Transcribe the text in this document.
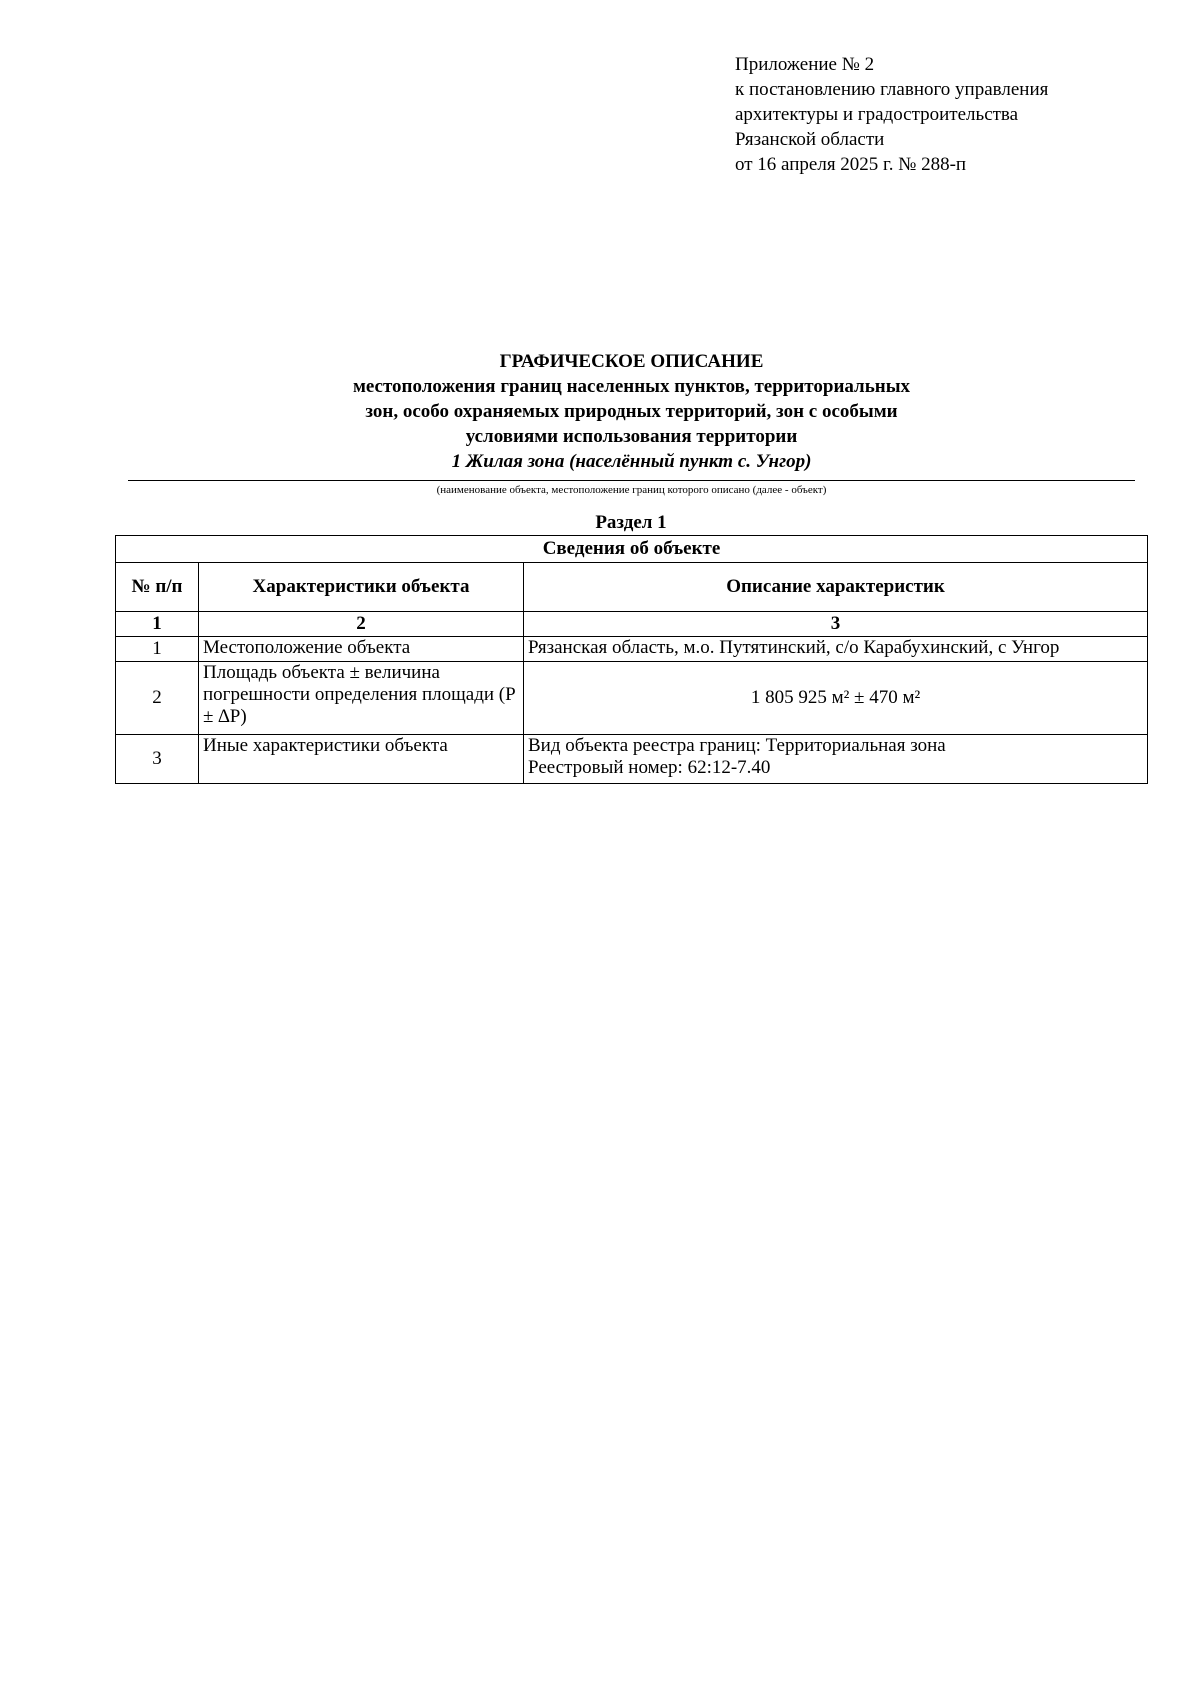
Приложение № 2
к постановлению главного управления
архитектуры и градостроительства
Рязанской области
от 16 апреля 2025 г. № 288-п
ГРАФИЧЕСКОЕ ОПИСАНИЕ
местоположения границ населенных пунктов, территориальных
зон, особо охраняемых природных территорий, зон с особыми
условиями использования территории
1 Жилая зона (населённый пункт с. Унгор)
(наименование объекта, местоположение границ которого описано (далее - объект)
Раздел 1
Сведения об объекте		
№ п/п	Характеристики объекта	Описание характеристик
1	2	3
1	Местоположение объекта	Рязанская область, м.о. Путятинский, с/о Карабухинский, с Унгор

2	Площадь объекта ± величина погрешности определения площади (Р ± ∆Р)	1 805 925 м² ± 470 м²

3	Иные характеристики объекта	Вид объекта реестра границ: Территориальная зона
Реестровый номер: 62:12-7.40
